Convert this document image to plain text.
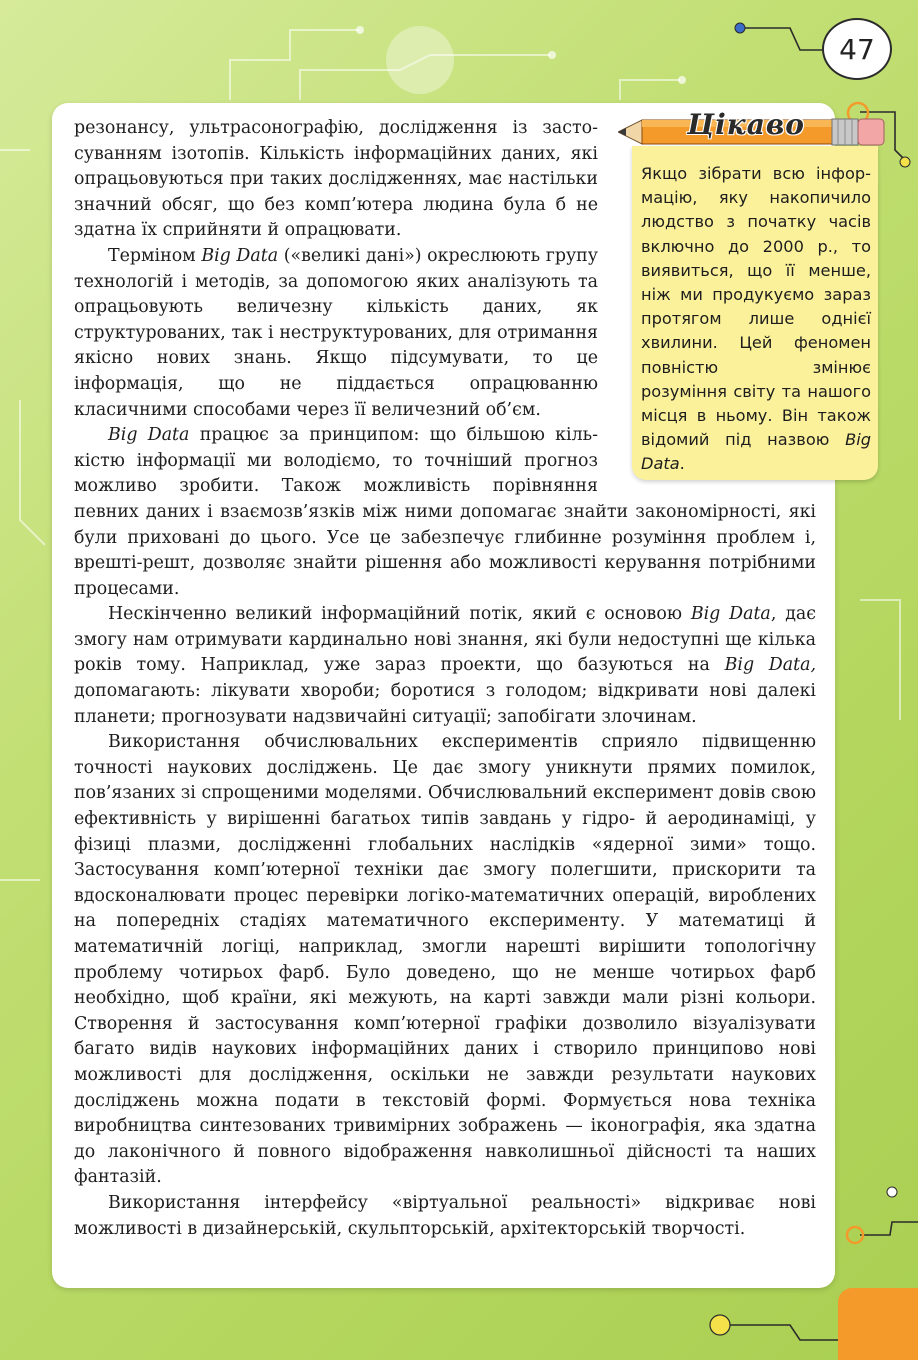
47
Цікаво
Якщо зібрати всю інформацію, яку накопичило людство з початку часів включно до 2000 р., то виявиться, що її менше, ніж ми продукуємо зараз протягом лише однієї хвилини. Цей феномен повністю змінює розуміння світу та нашого місця в ньому. Він також відомий під назвою Big Data.

резонансу, ультрасонографію, дослідження із застосуванням ізотопів. Кількість інформаційних даних, які опрацьовуються при таких дослідженнях, має настільки значний обсяг, що без комп’ютера людина була б не здатна їх сприйняти й опрацювати.

Терміном Big Data («великі дані») окреслюють групу технологій і методів, за допомогою яких аналізують та опрацьовують величезну кількість даних, як структурованих, так і неструктурованих, для отримання якісно нових знань. Якщо підсумувати, то це інформація, що не піддається опрацюванню класичними способами через її величезний об’єм.

Big Data працює за принципом: що більшою кількістю інформації ми володіємо, то точніший прогноз можливо зробити. Також можливість порівняння певних даних і взаємозв’язків між ними допомагає знайти закономірності, які були приховані до цього. Усе це забезпечує глибинне розуміння проблем і, врешті-решт, дозволяє знайти рішення або можливості керування потрібними процесами.

Нескінченно великий інформаційний потік, який є основою Big Data, дає змогу нам отримувати кардинально нові знання, які були недоступні ще кілька років тому. Наприклад, уже зараз проекти, що базуються на Big Data, допомагають: лікувати хвороби; боротися з голодом; відкривати нові далекі планети; прогнозувати надзвичайні ситуації; запобігати злочинам.

Використання обчислювальних експериментів сприяло підвищенню точності наукових досліджень. Це дає змогу уникнути прямих помилок, пов’язаних зі спрощеними моделями. Обчислювальний експеримент довів свою ефективність у вирішенні багатьох типів завдань у гідро- й аеродинаміці, у фізиці плазми, дослідженні глобальних наслідків «ядерної зими» тощо. Застосування комп’ютерної техніки дає змогу полегшити, прискорити та вдосконалювати процес перевірки логіко-математичних операцій, вироблених на попередніх стадіях математичного експерименту. У математиці й математичній логіці, наприклад, змогли нарешті вирішити топологічну проблему чотирьох фарб. Було доведено, що не менше чотирьох фарб необхідно, щоб країни, які межують, на карті завжди мали різні кольори. Створення й застосування комп’ютерної графіки дозволило візуалізувати багато видів наукових інформаційних даних і створило принципово нові можливості для дослідження, оскільки не завжди результати наукових досліджень можна подати в текстовій формі. Формується нова техніка виробництва синтезованих тривимірних зображень — іконографія, яка здатна до лаконічного й повного відображення навколишньої дійсності та наших фантазій.

Використання інтерфейсу «віртуальної реальності» відкриває нові можливості в дизайнерській, скульпторській, архітекторській творчості.
